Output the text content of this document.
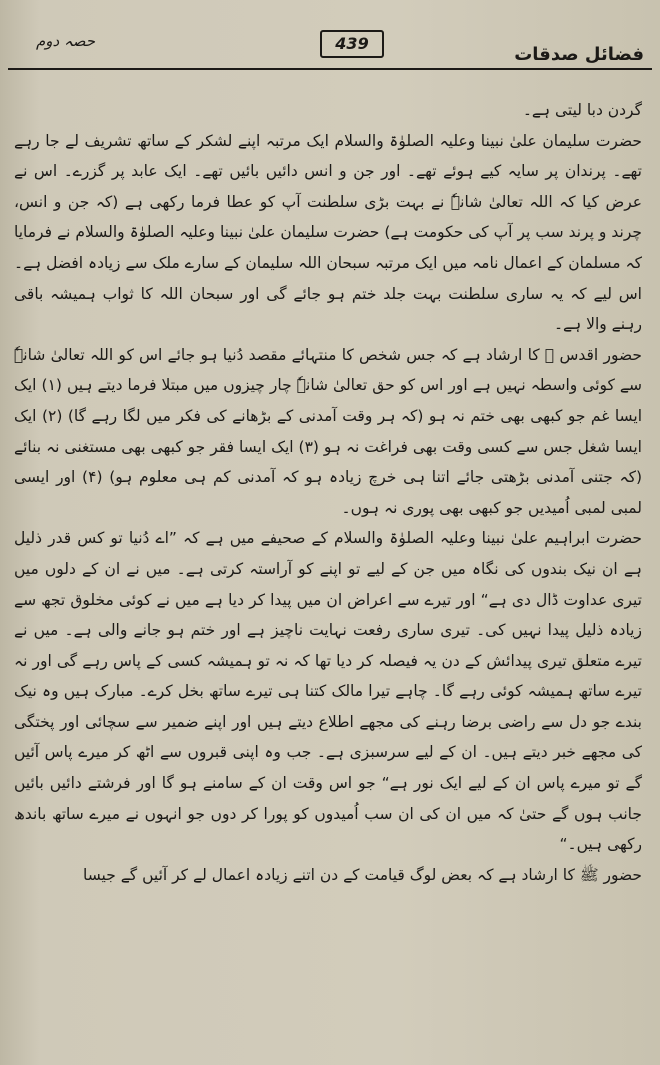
حصہ دوم	439
فضائل صدقات

گردن دبا لیتی ہے۔

حضرت سلیمان علیٰ نبینا وعلیہ الصلوٰۃ والسلام ایک مرتبہ اپنے لشکر کے ساتھ تشریف لے جا رہے تھے۔ پرندان پر سایہ کیے ہوئے تھے۔ اور جن و انس دائیں بائیں تھے۔ ایک عابد پر گزرے۔ اس نے عرض کیا کہ اللہ تعالیٰ شانہٗ نے بہت بڑی سلطنت آپ کو عطا فرما رکھی ہے (کہ جن و انس، چرند و پرند سب پر آپ کی حکومت ہے) حضرت سلیمان علیٰ نبینا وعلیہ الصلوٰۃ والسلام نے فرمایا کہ مسلمان کے اعمال نامہ میں ایک مرتبہ سبحان اللہ سلیمان کے سارے ملک سے زیادہ افضل ہے۔ اس لیے کہ یہ ساری سلطنت بہت جلد ختم ہو جائے گی اور سبحان اللہ کا ثواب ہمیشہ باقی رہنے والا ہے۔

حضور اقدس ﷺ کا ارشاد ہے کہ جس شخص کا منتہائے مقصد دُنیا ہو جائے اس کو اللہ تعالیٰ شانہٗ سے کوئی واسطہ نہیں ہے اور اس کو حق تعالیٰ شانہٗ چار چیزوں میں مبتلا فرما دیتے ہیں (۱) ایک ایسا غم جو کبھی بھی ختم نہ ہو (کہ ہر وقت آمدنی کے بڑھانے کی فکر میں لگا رہے گا) (۲) ایک ایسا شغل جس سے کسی وقت بھی فراغت نہ ہو (۳) ایک ایسا فقر جو کبھی بھی مستغنی نہ بنائے (کہ جتنی آمدنی بڑھتی جائے اتنا ہی خرچ زیادہ ہو کہ آمدنی کم ہی معلوم ہو) (۴) اور ایسی لمبی لمبی اُمیدیں جو کبھی بھی پوری نہ ہوں۔

حضرت ابراہیم علیٰ نبینا وعلیہ الصلوٰۃ والسلام کے صحیفے میں ہے کہ ”اے دُنیا تو کس قدر ذلیل ہے ان نیک بندوں کی نگاہ میں جن کے لیے تو اپنے کو آراستہ کرتی ہے۔ میں نے ان کے دلوں میں تیری عداوت ڈال دی ہے“ اور تیرے سے اعراض ان میں پیدا کر دیا ہے میں نے کوئی مخلوق تجھ سے زیادہ ذلیل پیدا نہیں کی۔ تیری ساری رفعت نہایت ناچیز ہے اور ختم ہو جانے والی ہے۔ میں نے تیرے متعلق تیری پیدائش کے دن یہ فیصلہ کر دیا تھا کہ نہ تو ہمیشہ کسی کے پاس رہے گی اور نہ تیرے ساتھ ہمیشہ کوئی رہے گا۔ چاہے تیرا مالک کتنا ہی تیرے ساتھ بخل کرے۔ مبارک ہیں وہ نیک بندے جو دل سے راضی برضا رہنے کی مجھے اطلاع دیتے ہیں اور اپنے ضمیر سے سچائی اور پختگی کی مجھے خبر دیتے ہیں۔ ان کے لیے سرسبزی ہے۔ جب وہ اپنی قبروں سے اٹھ کر میرے پاس آئیں گے تو میرے پاس ان کے لیے ایک نور ہے“ جو اس وقت ان کے سامنے ہو گا اور فرشتے دائیں بائیں جانب ہوں گے حتیٰ کہ میں ان کی ان سب اُمیدوں کو پورا کر دوں جو انہوں نے میرے ساتھ باندھ رکھی ہیں۔“

حضور ﷺ کا ارشاد ہے کہ بعض لوگ قیامت کے دن اتنے زیادہ اعمال لے کر آئیں گے جیسا
